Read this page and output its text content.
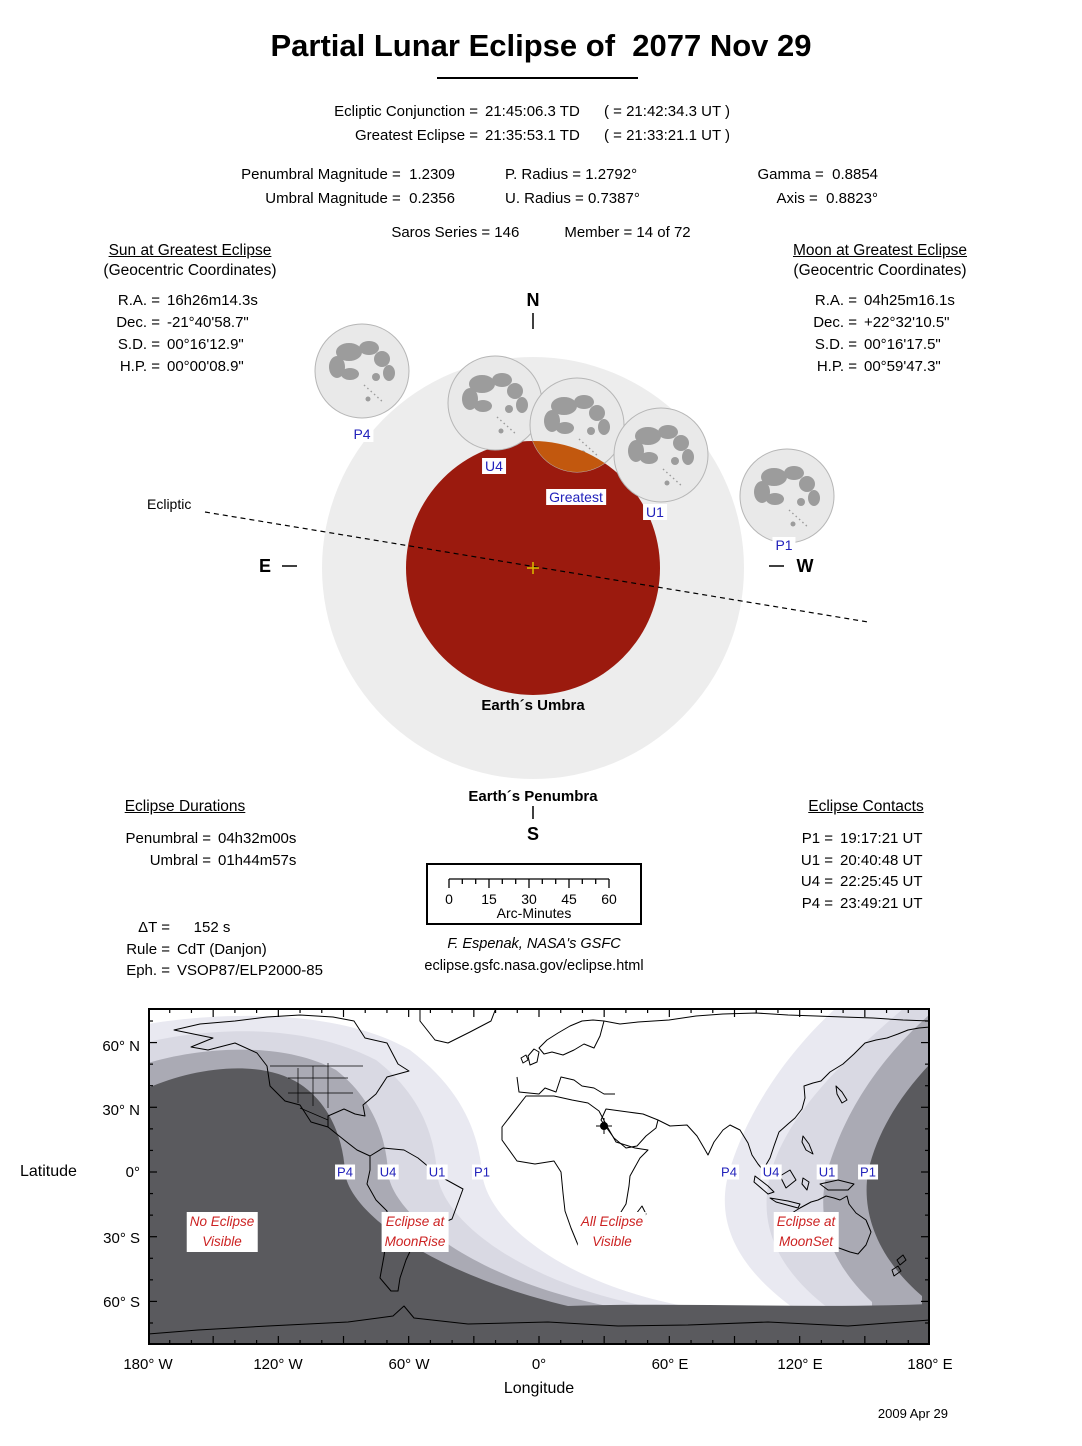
Partial Lunar Eclipse of  2077 Nov 29
Ecliptic Conjunction = 21:45:06.3 TD	( = 21:42:34.3 UT )
Greatest Eclipse = 21:35:53.1 TD	( = 21:33:21.1 UT )
Penumbral Magnitude =  1.2309	P. Radius = 1.2792°	Gamma =  0.8854
Umbral Magnitude =  0.2356	U. Radius = 0.7387°	Axis =  0.8823°
Saros Series = 146	Member = 14 of 72
Sun at Greatest Eclipse
(Geocentric Coordinates)
R.A. = 16h26m14.3s
Dec. = -21°40'58.7"
S.D. = 00°16'12.9"
H.P. = 00°00'08.9"
Moon at Greatest Eclipse
(Geocentric Coordinates)
R.A. = 04h25m16.1s
Dec. = +22°32'10.5"
S.D. = 00°16'17.5"
H.P. = 00°59'47.3"
N
Ecliptic
E	W
Earth´s Umbra
Earth´s Penumbra
S
P4
U4
Greatest
U1
P1
Eclipse Durations
Penumbral = 04h32m00s
Umbral = 01h44m57s
Eclipse Contacts
P1 = 19:17:21 UT
U1 = 20:40:48 UT
U4 = 22:25:45 UT
P4 = 23:49:21 UT
ΔT = 152 s
Rule = CdT (Danjon)
Eph. = VSOP87/ELP2000-85
0 15 30 45 60
Arc-Minutes
F. Espenak, NASA's GSFC
eclipse.gsfc.nasa.gov/eclipse.html
P4 U4 U1 P1	P4 U4	U1 P1
No Eclipse
Visible
Eclipse at
MoonRise
All Eclipse
Visible
Eclipse at
MoonSet
Latitude
60° N
30° N
0°
30° S
60° S
180° W	120° W	60° W	0°	60° E	120° E	180° E
Longitude
2009 Apr 29
